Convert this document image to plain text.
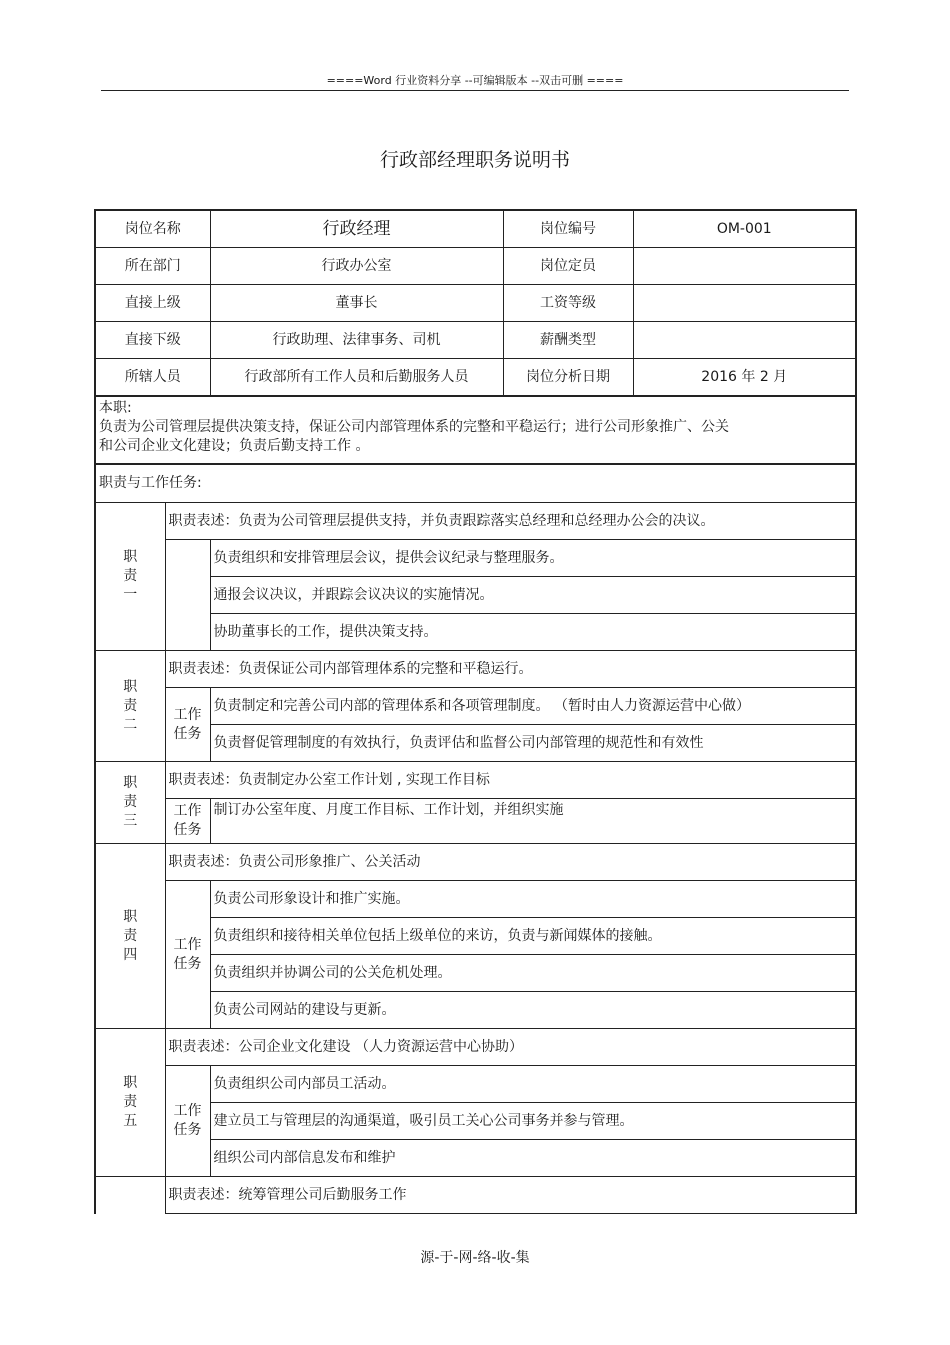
====Word 行业资料分享 --可编辑版本 --双击可删 ====
行政部经理职务说明书
岗位名称		行政经理	岗位编号	OM-001
所在部门		行政办公室	岗位定员	
直接上级		董事长	工资等级	
直接下级		行政助理、法律事务、司机	薪酬类型	
所辖人员		行政部所有工作人员和后勤服务人员	岗位分析日期	2016 年 2 月

本职:
负责为公司管理层提供决策支持，保证公司内部管理体系的完整和平稳运行；进行公司形象推广、公关
和公司企业文化建设；负责后勤支持工作 。				

职责与工作任务:				

职
责
一	职责表述：负责为公司管理层提供支持，并负责跟踪落实总经理和总经理办公会的决议。			
		负责组织和安排管理层会议，提供会议纪录与整理服务。		
		通报会议决议，并跟踪会议决议的实施情况。		
		协助董事长的工作，提供决策支持。		

职
责
二	职责表述：负责保证公司内部管理体系的完整和平稳运行。			

	工作
任务	负责制定和完善公司内部的管理体系和各项管理制度。 （暂时由人力资源运营中心做）		
		负责督促管理制度的有效执行，负责评估和监督公司内部管理的规范性和有效性		

职
责
三	职责表述：负责制定办公室工作计划 , 实现工作目标			

	工作
任务	制订办公室年度、月度工作目标、工作计划，并组织实施		

职
责
四	职责表述：负责公司形象推广、公关活动			

	工作
任务	负责公司形象设计和推广实施。		
		负责组织和接待相关单位包括上级单位的来访，负责与新闻媒体的接触。		
		负责组织并协调公司的公关危机处理。		
		负责公司网站的建设与更新。		

职
责
五	职责表述：公司企业文化建设 （人力资源运营中心协助）			

	工作
任务	负责组织公司内部员工活动。		
		建立员工与管理层的沟通渠道，吸引员工关心公司事务并参与管理。		
		组织公司内部信息发布和维护		
	职责表述：统筹管理公司后勤服务工作			
源-于-网-络-收-集
